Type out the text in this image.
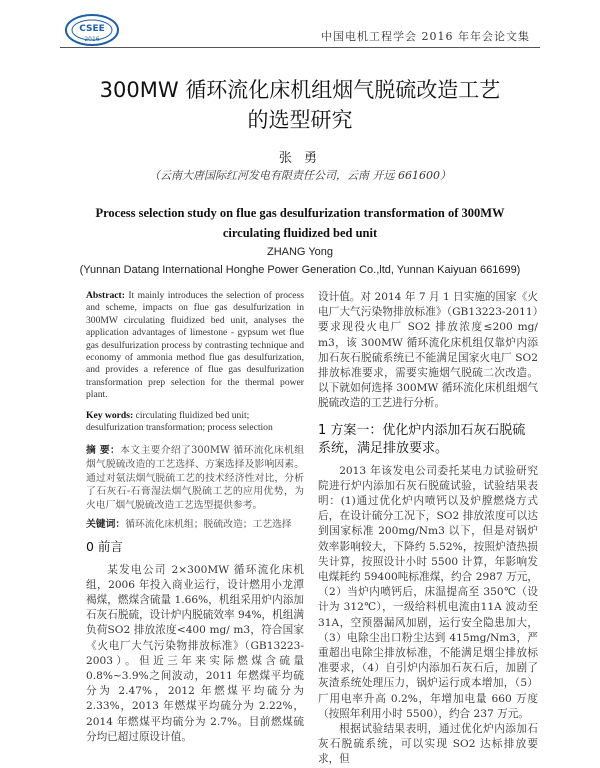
CSEE
2016	中国电机工程学会 2016 年年会论文集
300MW 循环流化床机组烟气脱硫改造工艺
的选型研究
张 勇
（云南大唐国际红河发电有限责任公司，云南 开远 661600）
Process selection study on flue gas desulfurization transformation of 300MW
circulating fluidized bed unit
ZHANG Yong
(Yunnan Datang International Honghe Power Generation Co.,ltd, Yunnan Kaiyuan 661699)

Abstract: It mainly introduces the selection of process and scheme, impacts on flue gas desulfurization in 300MW circulating fluidized bed unit, analyses the application advantages of limestone - gypsum wet flue gas desulfurization process by contrasting technique and economy of ammonia method flue gas desulfurization, and provides a reference of flue gas desulfurization transformation prep selection for the thermal power plant.

Key words: circulating fluidized bed unit; desulfurization transformation; process selection

摘 要：本文主要介绍了300MW 循环流化床机组烟气脱硫改造的工艺选择、方案选择及影响因素。通过对氨法烟气脱硫工艺的技术经济性对比，分析了石灰石-石膏湿法烟气脱硫工艺的应用优势，为火电厂烟气脱硫改造工艺选型提供参考。

关键词：循环流化床机组；脱硫改造；工艺选择

0 前言

某发电公司 2×300MW 循环流化床机组，2006 年投入商业运行，设计燃用小龙潭褐煤，燃煤含硫量 1.66%，机组采用炉内添加石灰石脱硫，设计炉内脱硫效率 94%，机组满负荷SO2 排放浓度<400 mg/ m3，符合国家《火电厂大气污染物排放标准》（GB13223-2003）。但近三年来实际燃煤含硫量 0.8%~3.9%之间波动，2011 年燃煤平均硫分为 2.47%，2012 年燃煤平均硫分为 2.33%，2013 年燃煤平均硫分为 2.22%，2014 年燃煤平均硫分为 2.7%。目前燃煤硫分均已超过原设计值。

设计值。对 2014 年 7 月 1 日实施的国家《火电厂大气污染物排放标准》（GB13223-2011）要求现役火电厂 SO2 排放浓度≤200 mg/ m3，该 300MW 循环流化床机组仅靠炉内添加石灰石脱硫系统已不能满足国家火电厂 SO2 排放标准要求，需要实施烟气脱硫二次改造。以下就如何选择 300MW 循环流化床机组烟气脱硫改造的工艺进行分析。

1 方案一：优化炉内添加石灰石脱硫系统，满足排放要求。

2013 年该发电公司委托某电力试验研究院进行炉内添加石灰石脱硫试验，试验结果表明：(1)通过优化炉内喷钙以及炉膛燃烧方式后，在设计硫分工况下，SO2 排放浓度可以达到国家标准 200mg/Nm3 以下，但是对锅炉效率影响较大，下降约 5.52%，按照炉渣热损失计算，按照设计小时 5500 计算，年影响发电煤耗约 59400吨标准煤，约合 2987 万元，（2）当炉内喷钙后，床温提高至 350℃（设计为 312℃），一级给料机电流由11A 波动至 31A，空预器漏风加剧，运行安全隐患加大，（3）电除尘出口粉尘达到 415mg/Nm3，严重超出电除尘排放标准，不能满足烟尘排放标准要求，（4）自引炉内添加石灰石后，加剧了灰渣系统处理压力，锅炉运行成本增加，（5）厂用电率升高 0.2%，年增加电量 660 万度（按照年利用小时 5500），约合 237 万元。

根据试验结果表明，通过优化炉内添加石灰石脱硫系统，可以实现 SO2 达标排放要求，但
